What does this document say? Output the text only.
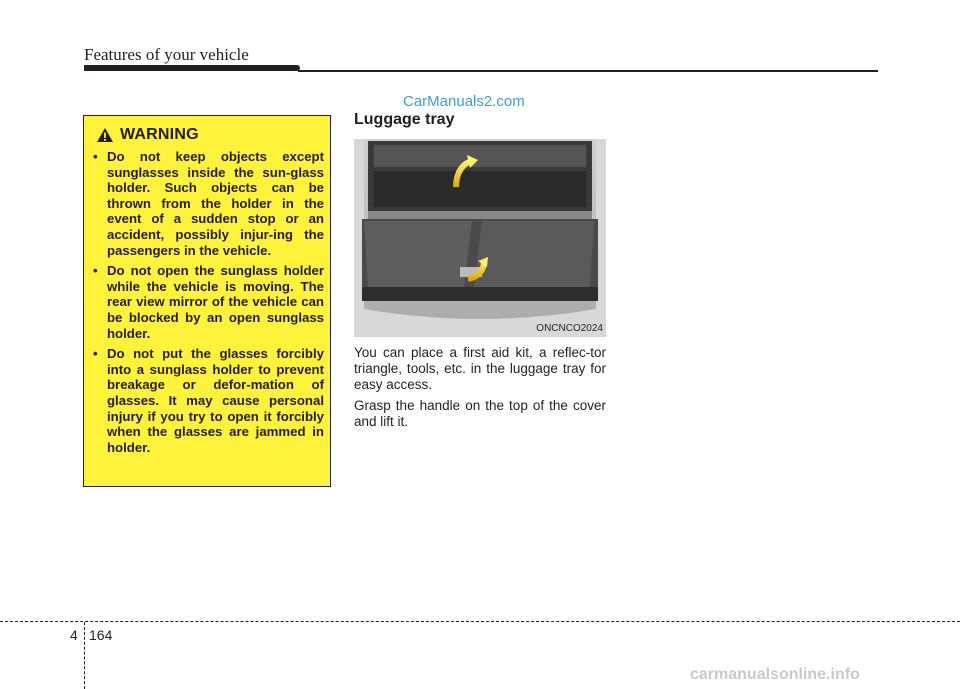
Features of your vehicle
CarManuals2.com
WARNING
• Do not keep objects except sunglasses inside the sun-glass holder. Such objects can be thrown from the holder in the event of a sudden stop or an accident, possibly injur-ing the passengers in the vehicle.
• Do not open the sunglass holder while the vehicle is moving. The rear view mirror of the vehicle can be blocked by an open sunglass holder.
• Do not put the glasses forcibly into a sunglass holder to prevent breakage or defor-mation of glasses. It may cause personal injury if you try to open it forcibly when the glasses are jammed in holder.
Luggage tray
ONCNCO2024
You can place a first aid kit, a reflec-tor triangle, tools, etc. in the luggage tray for easy access.
Grasp the handle on the top of the cover and lift it.
4 164
carmanualsonline.info
